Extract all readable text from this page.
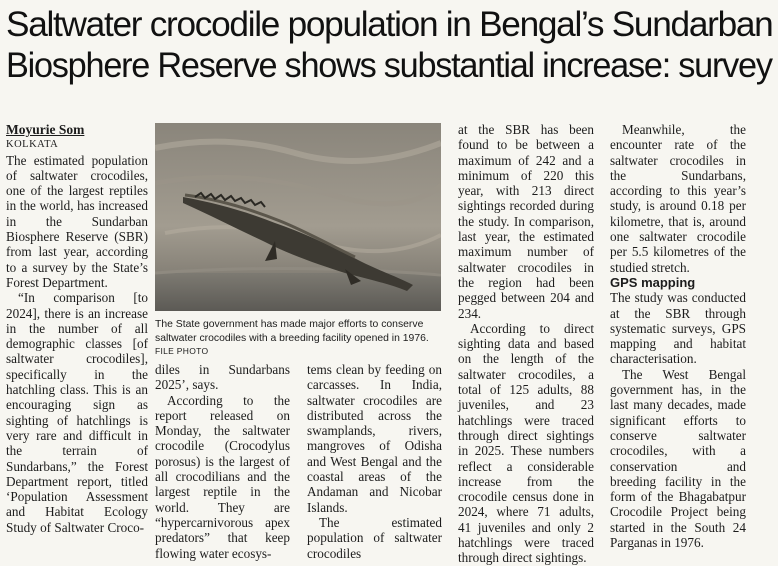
Saltwater crocodile population in Bengal’s Sundarban
Biosphere Reserve shows substantial increase: survey

Moyurie Som

KOLKATA

The estimated population of saltwater crocodiles, one of the largest reptiles in the world, has increased in the Sundarban Biosphere Reserve (SBR) from last year, according to a survey by the State’s Forest Department.

“In comparison [to 2024], there is an increase in the number of all demographic classes [of saltwater crocodiles], specifically in the hatchling class. This is an encouraging sign as sighting of hatchlings is very rare and difficult in the terrain of Sundarbans,” the Forest Department report, titled ‘Population Assessment and Habitat Ecology Study of Saltwater Croco-

The State government has made major efforts to conserve saltwater crocodiles with a breeding facility opened in 1976. FILE PHOTO

diles in Sundarbans 2025’, says.

According to the report released on Monday, the saltwater crocodile (Crocodylus porosus) is the largest of all crocodilians and the largest reptile in the world. They are “hypercarnivorous apex predators” that keep flowing water ecosys-

tems clean by feeding on carcasses. In India, saltwater crocodiles are distributed across the swamplands, rivers, mangroves of Odisha and West Bengal and the coastal areas of the Andaman and Nicobar Islands.

The estimated population of saltwater crocodiles

at the SBR has been found to be between a maximum of 242 and a minimum of 220 this year, with 213 direct sightings recorded during the study. In comparison, last year, the estimated maximum number of saltwater crocodiles in the region had been pegged between 204 and 234.

According to direct sighting data and based on the length of the saltwater crocodiles, a total of 125 adults, 88 juveniles, and 23 hatchlings were traced through direct sightings in 2025. These numbers reflect a considerable increase from the crocodile census done in 2024, where 71 adults, 41 juveniles and only 2 hatchlings were traced through direct sightings.

Meanwhile, the encounter rate of the saltwater crocodiles in the Sundarbans, according to this year’s study, is around 0.18 per kilometre, that is, around one saltwater crocodile per 5.5 kilometres of the studied stretch.

GPS mapping

The study was conducted at the SBR through systematic surveys, GPS mapping and habitat characterisation.

The West Bengal government has, in the last many decades, made significant efforts to conserve saltwater crocodiles, with a conservation and breeding facility in the form of the Bhagabatpur Crocodile Project being started in the South 24 Parganas in 1976.
